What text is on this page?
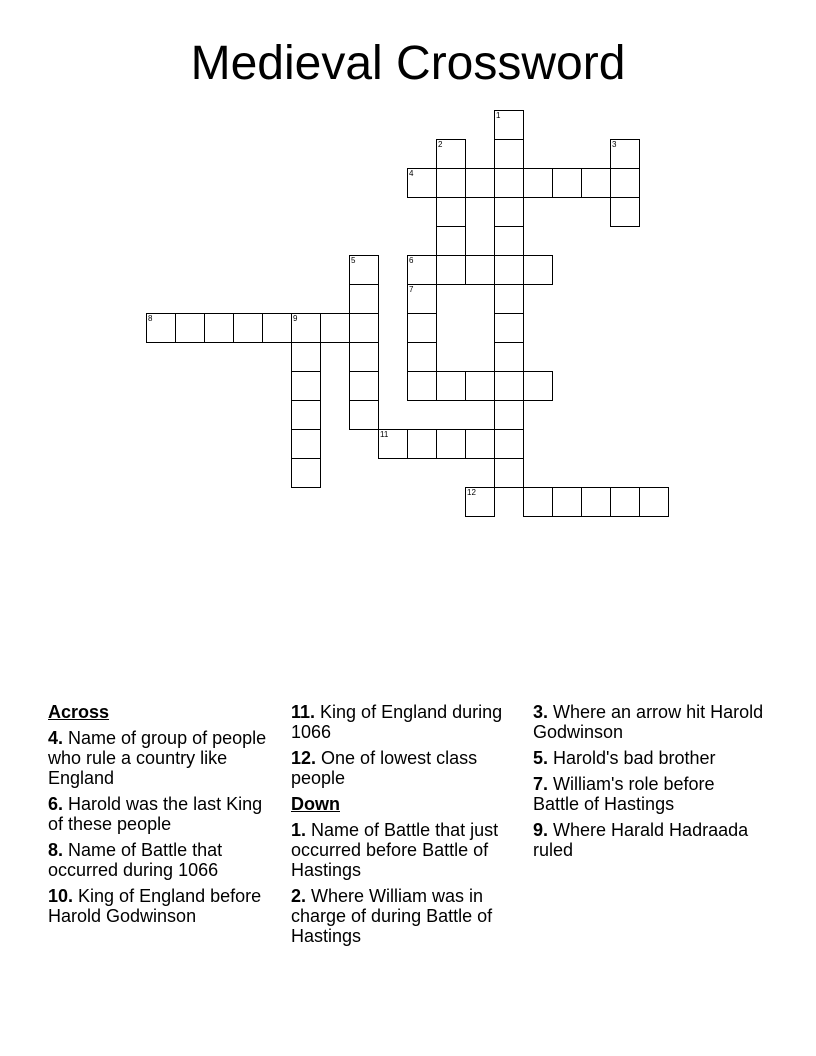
Medieval Crossword
1
2	3
4
5	6
7
8	9
11
12
Across
4. Name of group of people who rule a country like England
6. Harold was the last King of these people
8. Name of Battle that occurred during 1066
10. King of England before Harold Godwinson
11. King of England during 1066
12. One of lowest class people
Down
1. Name of Battle that just occurred before Battle of Hastings
2. Where William was in charge of during Battle of Hastings
3. Where an arrow hit Harold Godwinson
5. Harold's bad brother
7. William's role before Battle of Hastings
9. Where Harald Hadraada ruled
